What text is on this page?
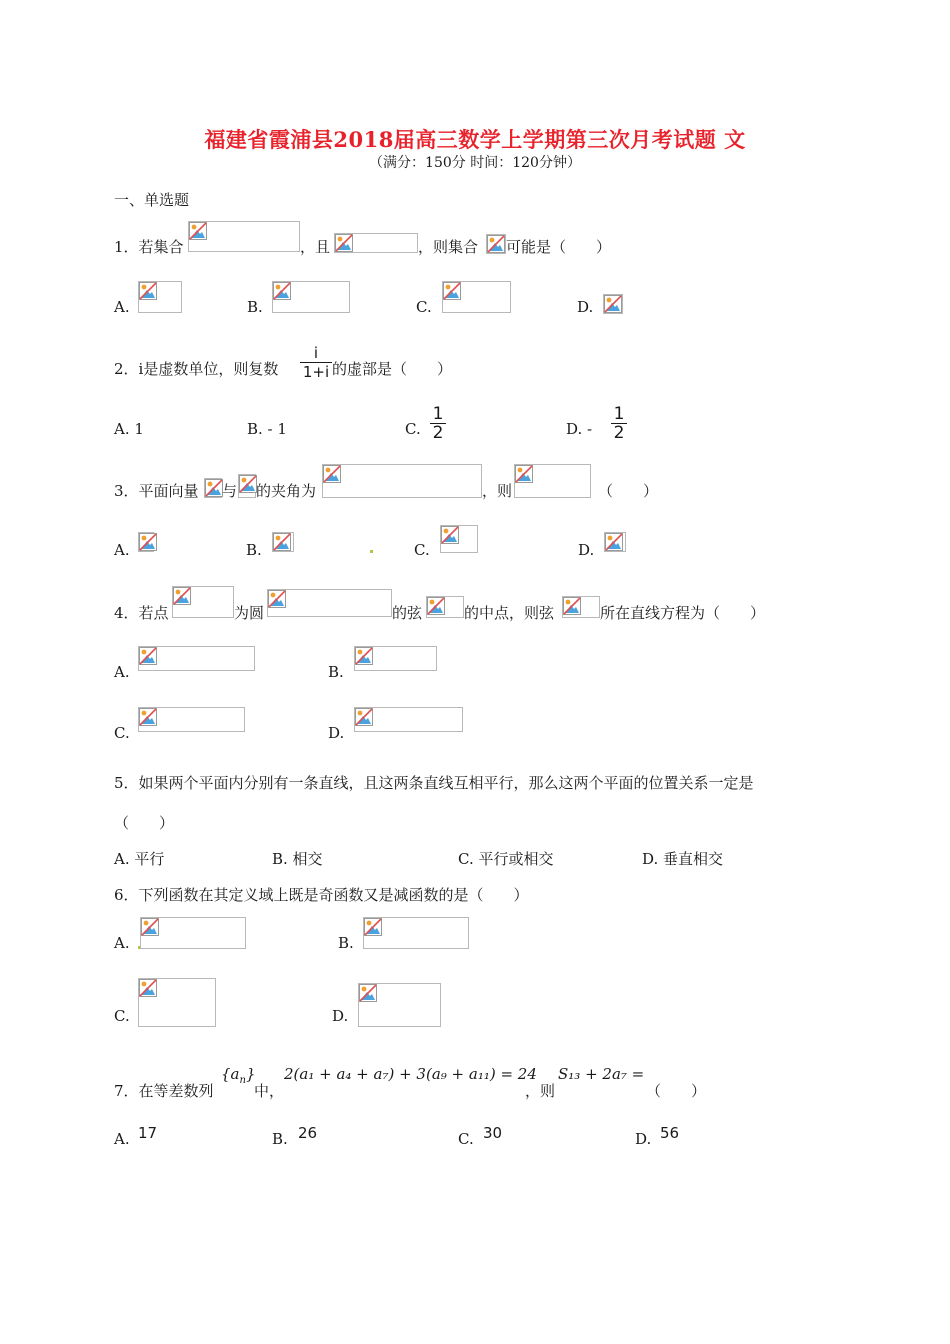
福建省霞浦县2018届高三数学上学期第三次月考试题 文
（满分：150分 时间：120分钟）
一、单选题
1．若集合	，且	，则集合 可能是（　　）
A.	B.	C.	D.
2．i是虚数单位，则复数
i
1+i 的虚部是（　　）
A. 1	B. - 1	C.
1
2	D. -
1
2
3．平面向量 与 的夹角为	，则	（　　）
A.	B.	C.	D.
4．若点	为圆	的弦	的中点，则弦	所在直线方程为（　　）
A.	B.
C.	D.
5．如果两个平面内分别有一条直线，且这两条直线互相平行，那么这两个平面的位置关系一定是
（　　）
A. 平行	B. 相交	C. 平行或相交	D. 垂直相交
6．下列函数在其定义域上既是奇函数又是减函数的是（　　）
A.	B.
C.	D.
7．在等差数列
$\{a_n\}$
中，
2(a₁ + a₄ + a₇) + 3(a₉ + a₁₁) = 24
，则
S₁₃ + 2a₇ =
（　　）
A. 17	B. 26	C. 30	D. 56
